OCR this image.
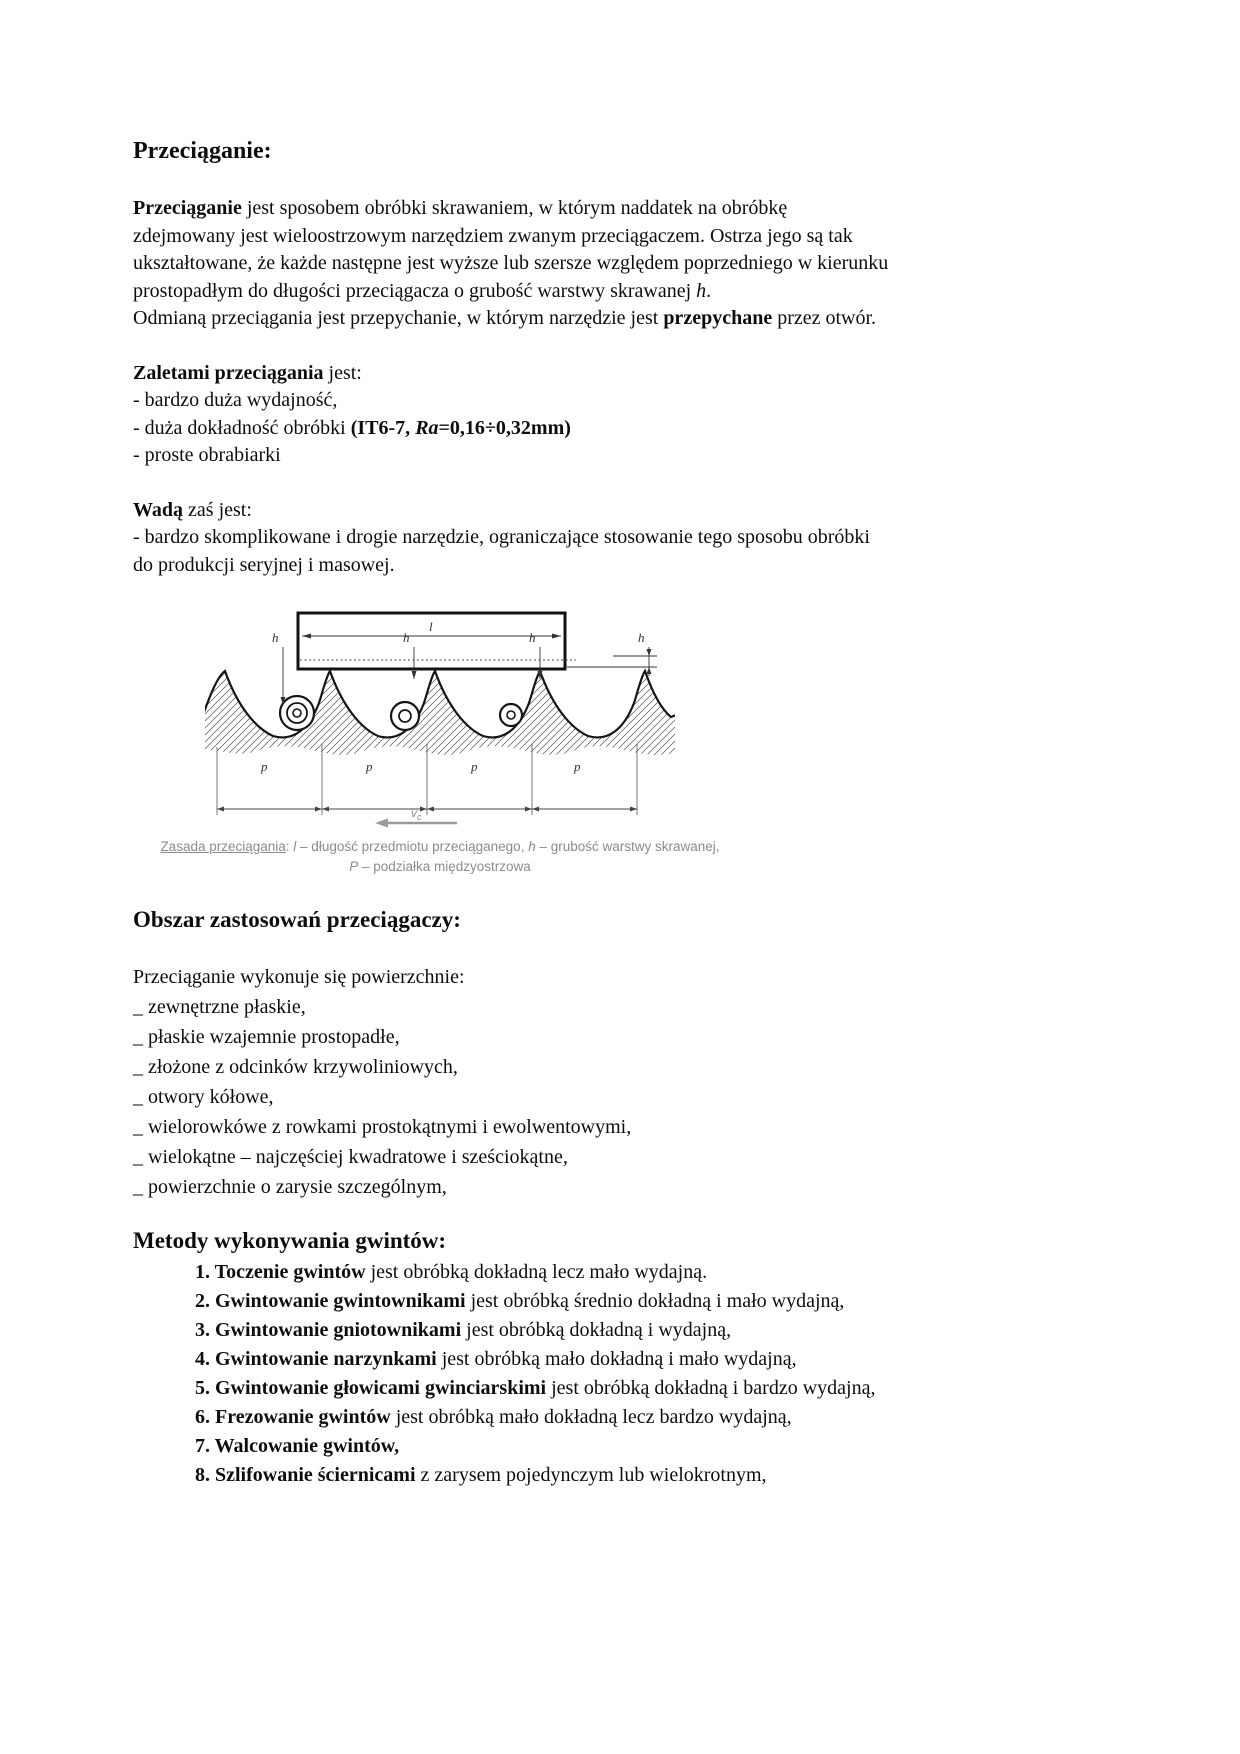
Przeciąganie:
Przeciąganie jest sposobem obróbki skrawaniem, w którym naddatek na obróbkę
zdejmowany jest wieloostrzowym narzędziem zwanym przeciągaczem. Ostrza jego są tak
ukształtowane, że każde następne jest wyższe lub szersze względem poprzedniego w kierunku
prostopadłym do długości przeciągacza o grubość warstwy skrawanej h.
Odmianą przeciągania jest przepychanie, w którym narzędzie jest przepychane przez otwór.
Zaletami przeciągania jest:
- bardzo duża wydajność,
- duża dokładność obróbki (IT6-7, Ra=0,16÷0,32mm)
- proste obrabiarki
Wadą zaś jest:
- bardzo skomplikowane i drogie narzędzie, ograniczające stosowanie tego sposobu obróbki
do produkcji seryjnej i masowej.
l
h	h	h	h
p	p	p	p
$v_c$
Zasada przeciągania: l – długość przedmiotu przeciąganego, h – grubość warstwy skrawanej,
P – podziałka międzyostrzowa
Obszar zastosowań przeciągaczy:
Przeciąganie wykonuje się powierzchnie:
_ zewnętrzne płaskie,
_ płaskie wzajemnie prostopadłe,
_ złożone z odcinków krzywoliniowych,
_ otwory kółowe,
_ wielorowkówe z rowkami prostokątnymi i ewolwentowymi,
_ wielokątne – najczęściej kwadratowe i sześciokątne,
_ powierzchnie o zarysie szczególnym,
Metody wykonywania gwintów:
1. Toczenie gwintów jest obróbką dokładną lecz mało wydajną.
2. Gwintowanie gwintownikami jest obróbką średnio dokładną i mało wydajną,
3. Gwintowanie gniotownikami jest obróbką dokładną i wydajną,
4. Gwintowanie narzynkami jest obróbką mało dokładną i mało wydajną,
5. Gwintowanie głowicami gwinciarskimi jest obróbką dokładną i bardzo wydajną,
6. Frezowanie gwintów jest obróbką mało dokładną lecz bardzo wydajną,
7. Walcowanie gwintów,
8. Szlifowanie ściernicami z zarysem pojedynczym lub wielokrotnym,
